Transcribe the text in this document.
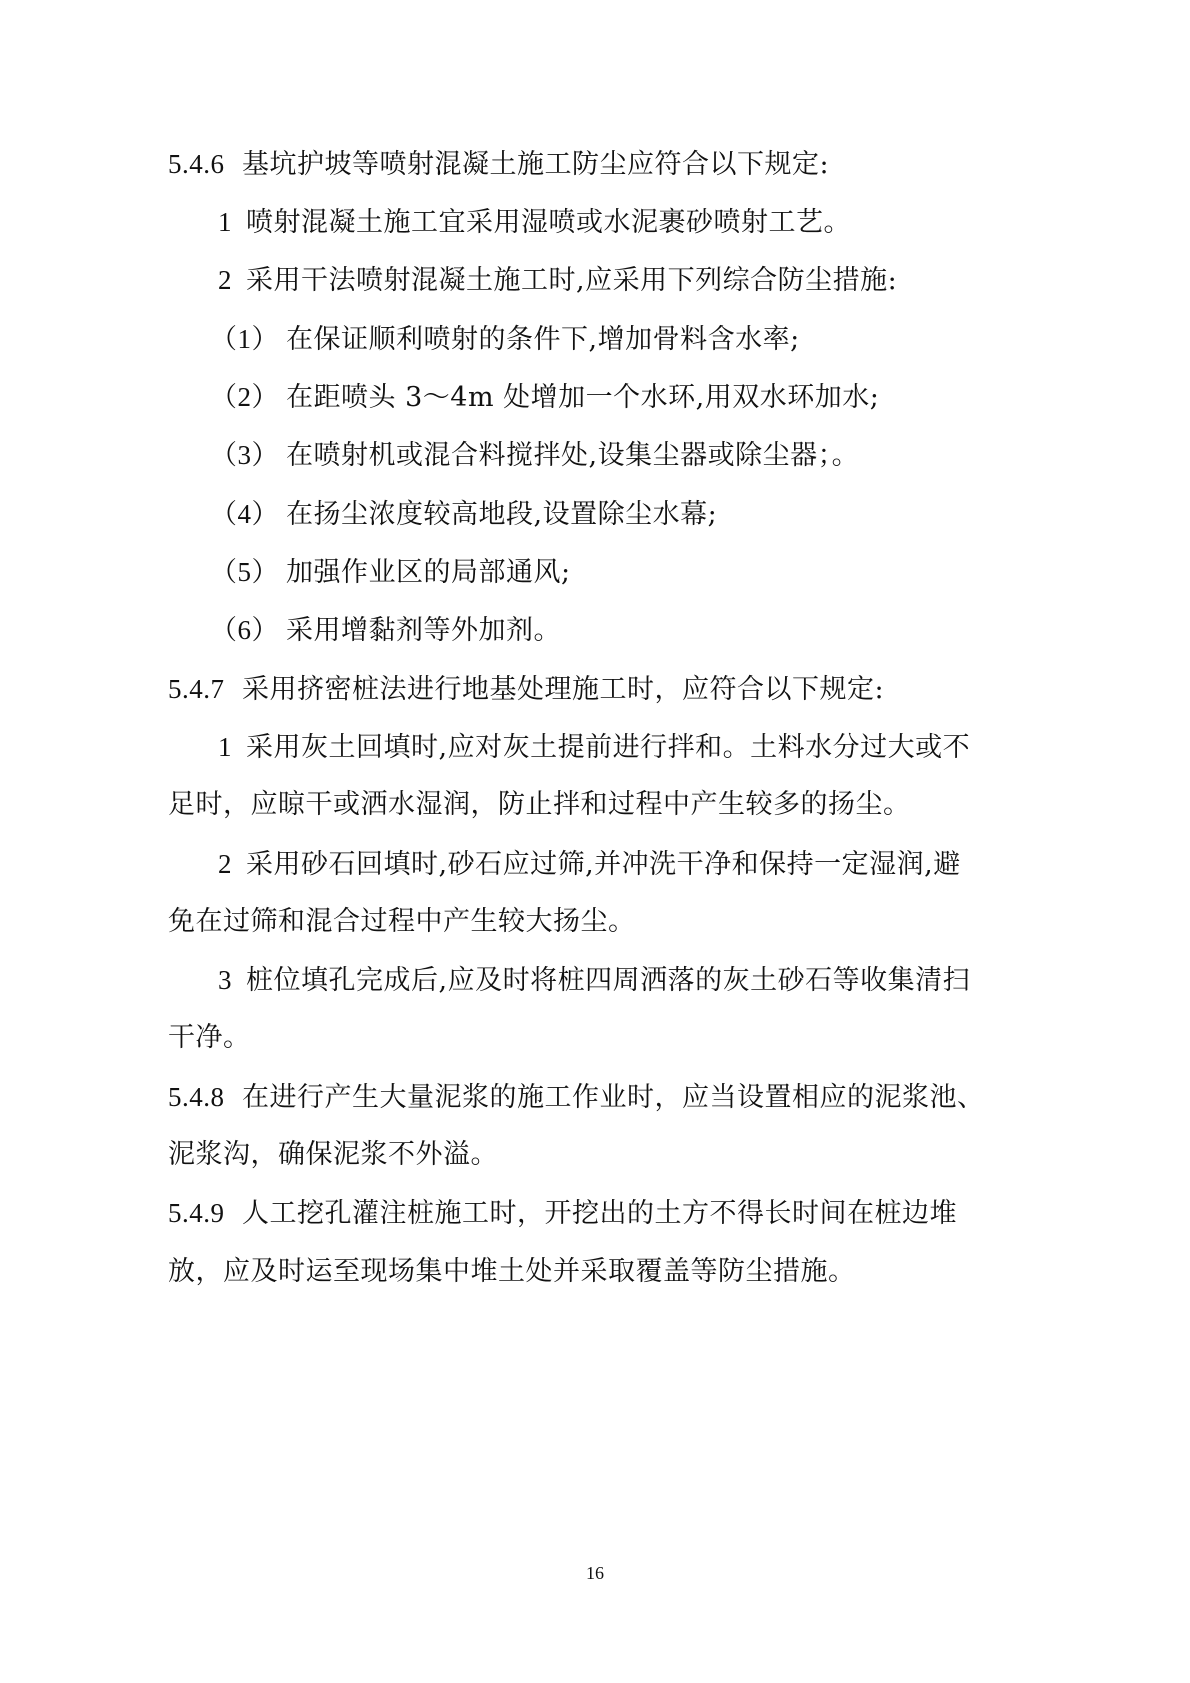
5.4.6 基坑护坡等喷射混凝土施工防尘应符合以下规定:
1 喷射混凝土施工宜采用湿喷或水泥裹砂喷射工艺。
2 采用干法喷射混凝土施工时,应采用下列综合防尘措施:
（1） 在保证顺利喷射的条件下,增加骨料含水率;
（2） 在距喷头 3～4m 处增加一个水环,用双水环加水;
（3） 在喷射机或混合料搅拌处,设集尘器或除尘器；。
（4） 在扬尘浓度较高地段,设置除尘水幕;
（5） 加强作业区的局部通风;
（6） 采用增黏剂等外加剂。
5.4.7 采用挤密桩法进行地基处理施工时，应符合以下规定:
1 采用灰土回填时,应对灰土提前进行拌和。土料水分过大或不
足时，应晾干或洒水湿润，防止拌和过程中产生较多的扬尘。
2 采用砂石回填时,砂石应过筛,并冲洗干净和保持一定湿润,避
免在过筛和混合过程中产生较大扬尘。
3 桩位填孔完成后,应及时将桩四周洒落的灰土砂石等收集清扫
干净。
5.4.8 在进行产生大量泥浆的施工作业时，应当设置相应的泥浆池、
泥浆沟，确保泥浆不外溢。
5.4.9 人工挖孔灌注桩施工时，开挖出的土方不得长时间在桩边堆
放，应及时运至现场集中堆土处并采取覆盖等防尘措施。
16
